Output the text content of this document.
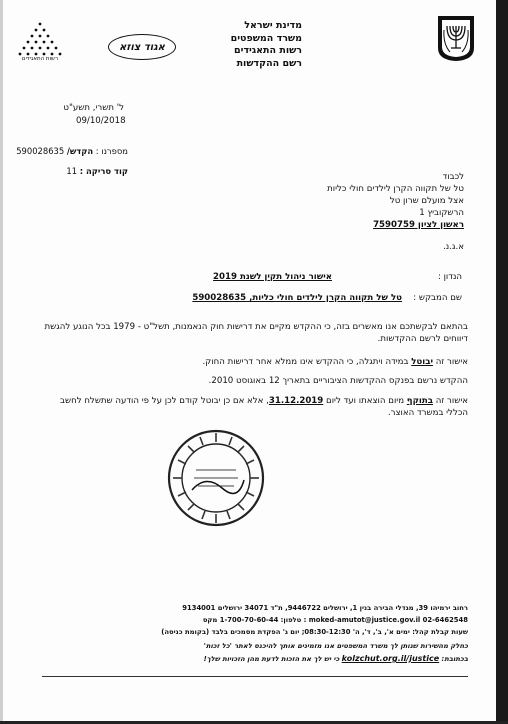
מדינת ישראל
משרד המשפטים
רשות התאגידים
רשם ההקדשות
אגוד צוזא
רשות התאגידים
ל' תשרי, תשע"ט
09/10/2018
מספרנו : הקדש/ 590028635
קוד סריקה : 11
לכבוד
טל של תקווה הקרן לילדים חולי כליות
אצל מועלם שרון טל
הרשקוביץ 1
ראשון לציון 7590759
א.ג.נ.
הנדון :
אישור ניהול תקין לשנת 2019
שם המבקש :
טל של תקווה הקרן לילדים חולי כליות, 590028635
בהתאם לבקשתכם אנו מאשרים בזה, כי ההקדש מקיים את דרישות חוק הנאמנות, תשל"ט - 1979 בכל הנוגע להגשת דיווחים לרשם ההקדשות.
אישור זה יבוטל במידה ויתגלה, כי ההקדש אינו ממלא אחר דרישות החוק.
ההקדש נרשם בפנקס ההקדשות הציבוריים בתאריך 12 באוגוסט 2010.
אישור זה בתוקף מיום הוצאתו ועד ליום 31.12.2019, אלא אם כן יבוטל קודם לכן על פי הודעה שתשלח לחשב הכללי במשרד האוצר.
רחוב ירמיהו 39, מגדלי הבירה בנין 1, ירושלים 9446722, ת"ד 34071 ירושלים 9134001
moked-amutot@justice.gov.il 02-6462548 : טלפון: 1-700-70-60-44 מקס
שעות קבלת קהל: ימים א', ב', ד', ה' 08:30-12:30; יום ג' הפקדת מסמכים בלבד (בקומת כניסה)
כחלק מהשירות שנותן לך משרד המשפטים אנו מזמינים אותך להיכנס לאתר 'כל זכות'
בכתובת: kolzchut.org.il/justice כי יש לך את הזכות לדעת מהן הזכויות שלך!
